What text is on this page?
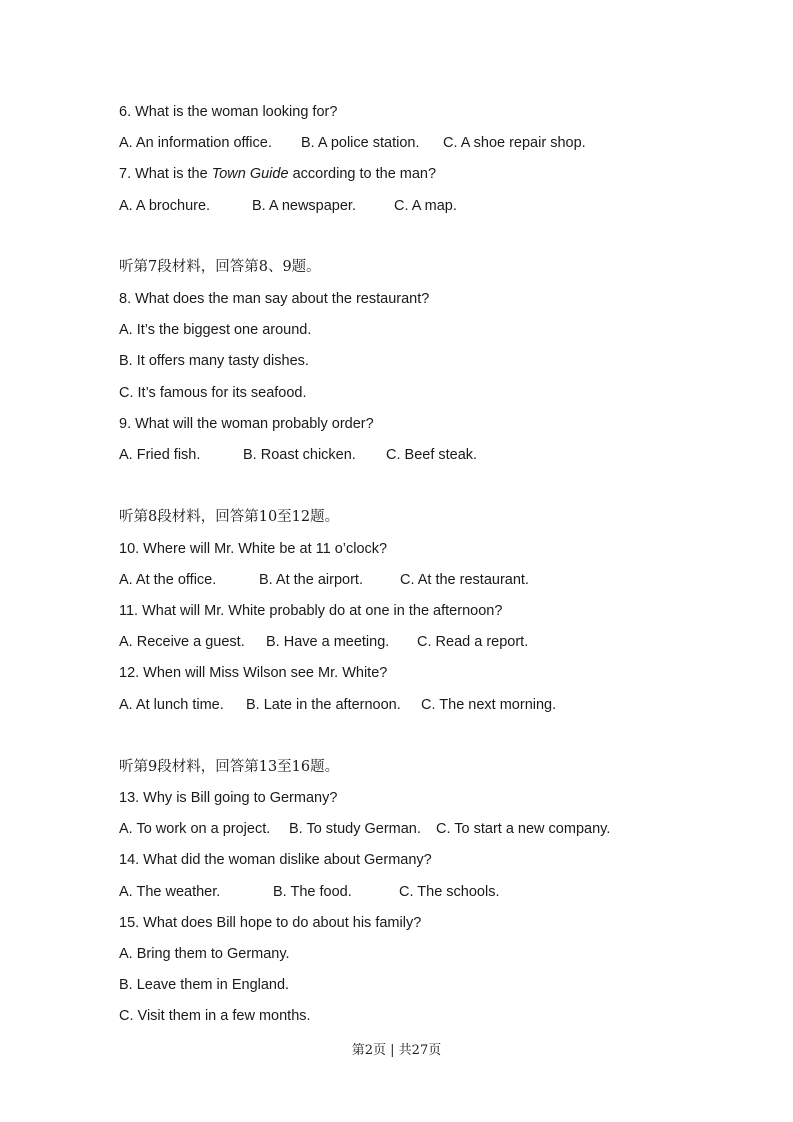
6. What is the woman looking for?
A. An information office. B. A police station. C. A shoe repair shop.
7. What is the Town Guide according to the man?
A. A brochure.	B. A newspaper.	C. A map.
听第7段材料，回答第8、9题。
8. What does the man say about the restaurant?
A. It’s the biggest one around.
B. It offers many tasty dishes.
C. It’s famous for its seafood.
9. What will the woman probably order?
A. Fried fish.	B. Roast chicken. C. Beef steak.
听第8段材料，回答第10至12题。
10. Where will Mr. White be at 11 o’clock?
A. At the office.	B. At the airport.	C. At the restaurant.
11. What will Mr. White probably do at one in the afternoon?
A. Receive a guest. B. Have a meeting. C. Read a report.
12. When will Miss Wilson see Mr. White?
A. At lunch time. B. Late in the afternoon. C. The next morning.
听第9段材料，回答第13至16题。
13. Why is Bill going to Germany?
A. To work on a project. B. To study German. C. To start a new company.
14. What did the woman dislike about Germany?
A. The weather.	B. The food.	C. The schools.
15. What does Bill hope to do about his family?
A. Bring them to Germany.
B. Leave them in England.
C. Visit them in a few months.
第2页 | 共27页
